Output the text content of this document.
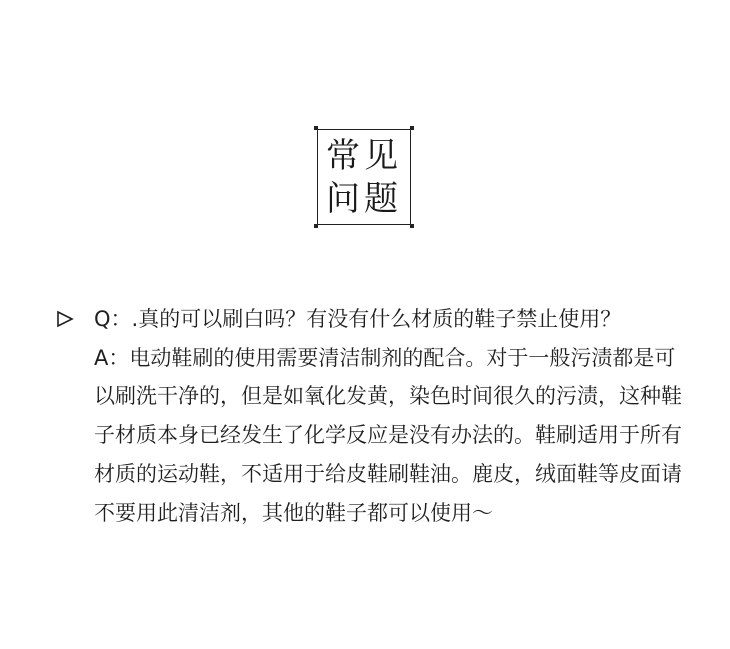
常见
问题

Q：.真的可以刷白吗？有没有什么材质的鞋子禁止使用？

A：电动鞋刷的使用需要清洁制剂的配合。对于一般污渍都是可以刷洗干净的，但是如氧化发黄，染色时间很久的污渍，这种鞋子材质本身已经发生了化学反应是没有办法的。鞋刷适用于所有材质的运动鞋，不适用于给皮鞋刷鞋油。鹿皮，绒面鞋等皮面请不要用此清洁剂，其他的鞋子都可以使用～
